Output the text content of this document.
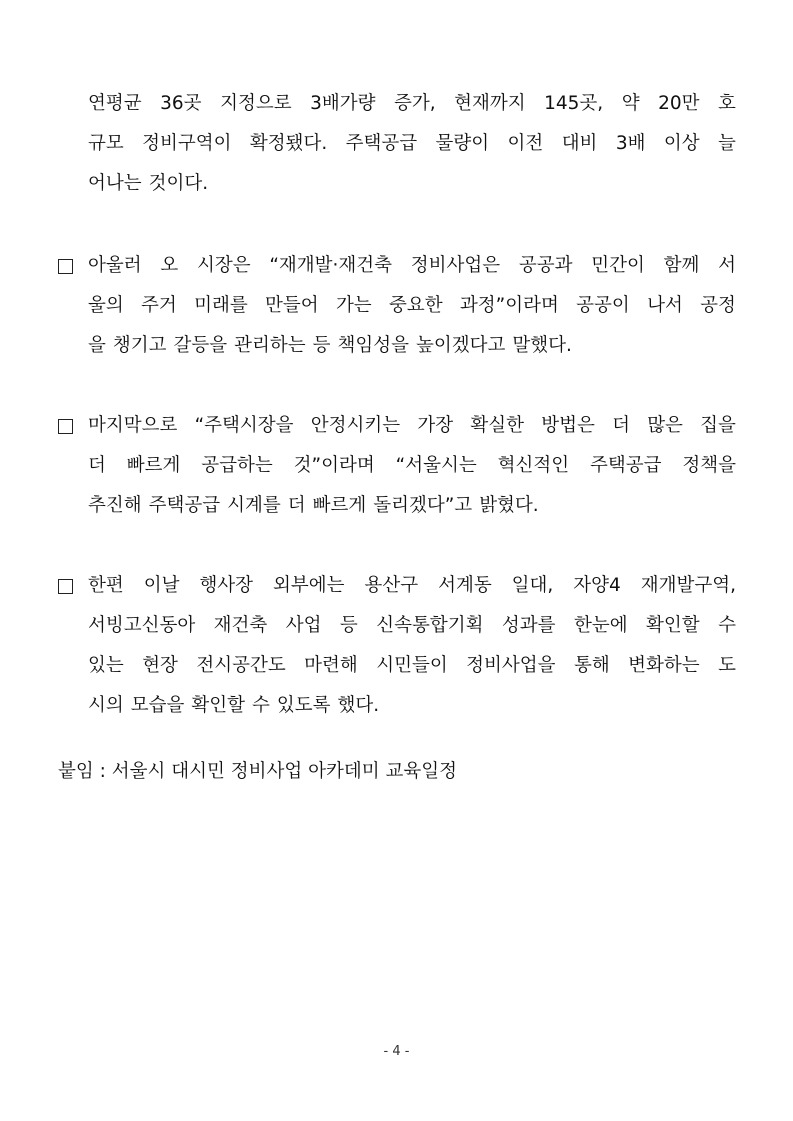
연평균 36곳 지정으로 3배가량 증가, 현재까지 145곳, 약 20만 호
규모 정비구역이 확정됐다. 주택공급 물량이 이전 대비 3배 이상 늘
어나는 것이다.
아울러 오 시장은 “재개발·재건축 정비사업은 공공과 민간이 함께 서
울의 주거 미래를 만들어 가는 중요한 과정”이라며 공공이 나서 공정
을 챙기고 갈등을 관리하는 등 책임성을 높이겠다고 말했다.
마지막으로 “주택시장을 안정시키는 가장 확실한 방법은 더 많은 집을
더 빠르게 공급하는 것”이라며 “서울시는 혁신적인 주택공급 정책을
추진해 주택공급 시계를 더 빠르게 돌리겠다”고 밝혔다.
한편 이날 행사장 외부에는 용산구 서계동 일대, 자양4 재개발구역,
서빙고신동아 재건축 사업 등 신속통합기획 성과를 한눈에 확인할 수
있는 현장 전시공간도 마련해 시민들이 정비사업을 통해 변화하는 도
시의 모습을 확인할 수 있도록 했다.
붙임 : 서울시 대시민 정비사업 아카데미 교육일정
- 4 -
